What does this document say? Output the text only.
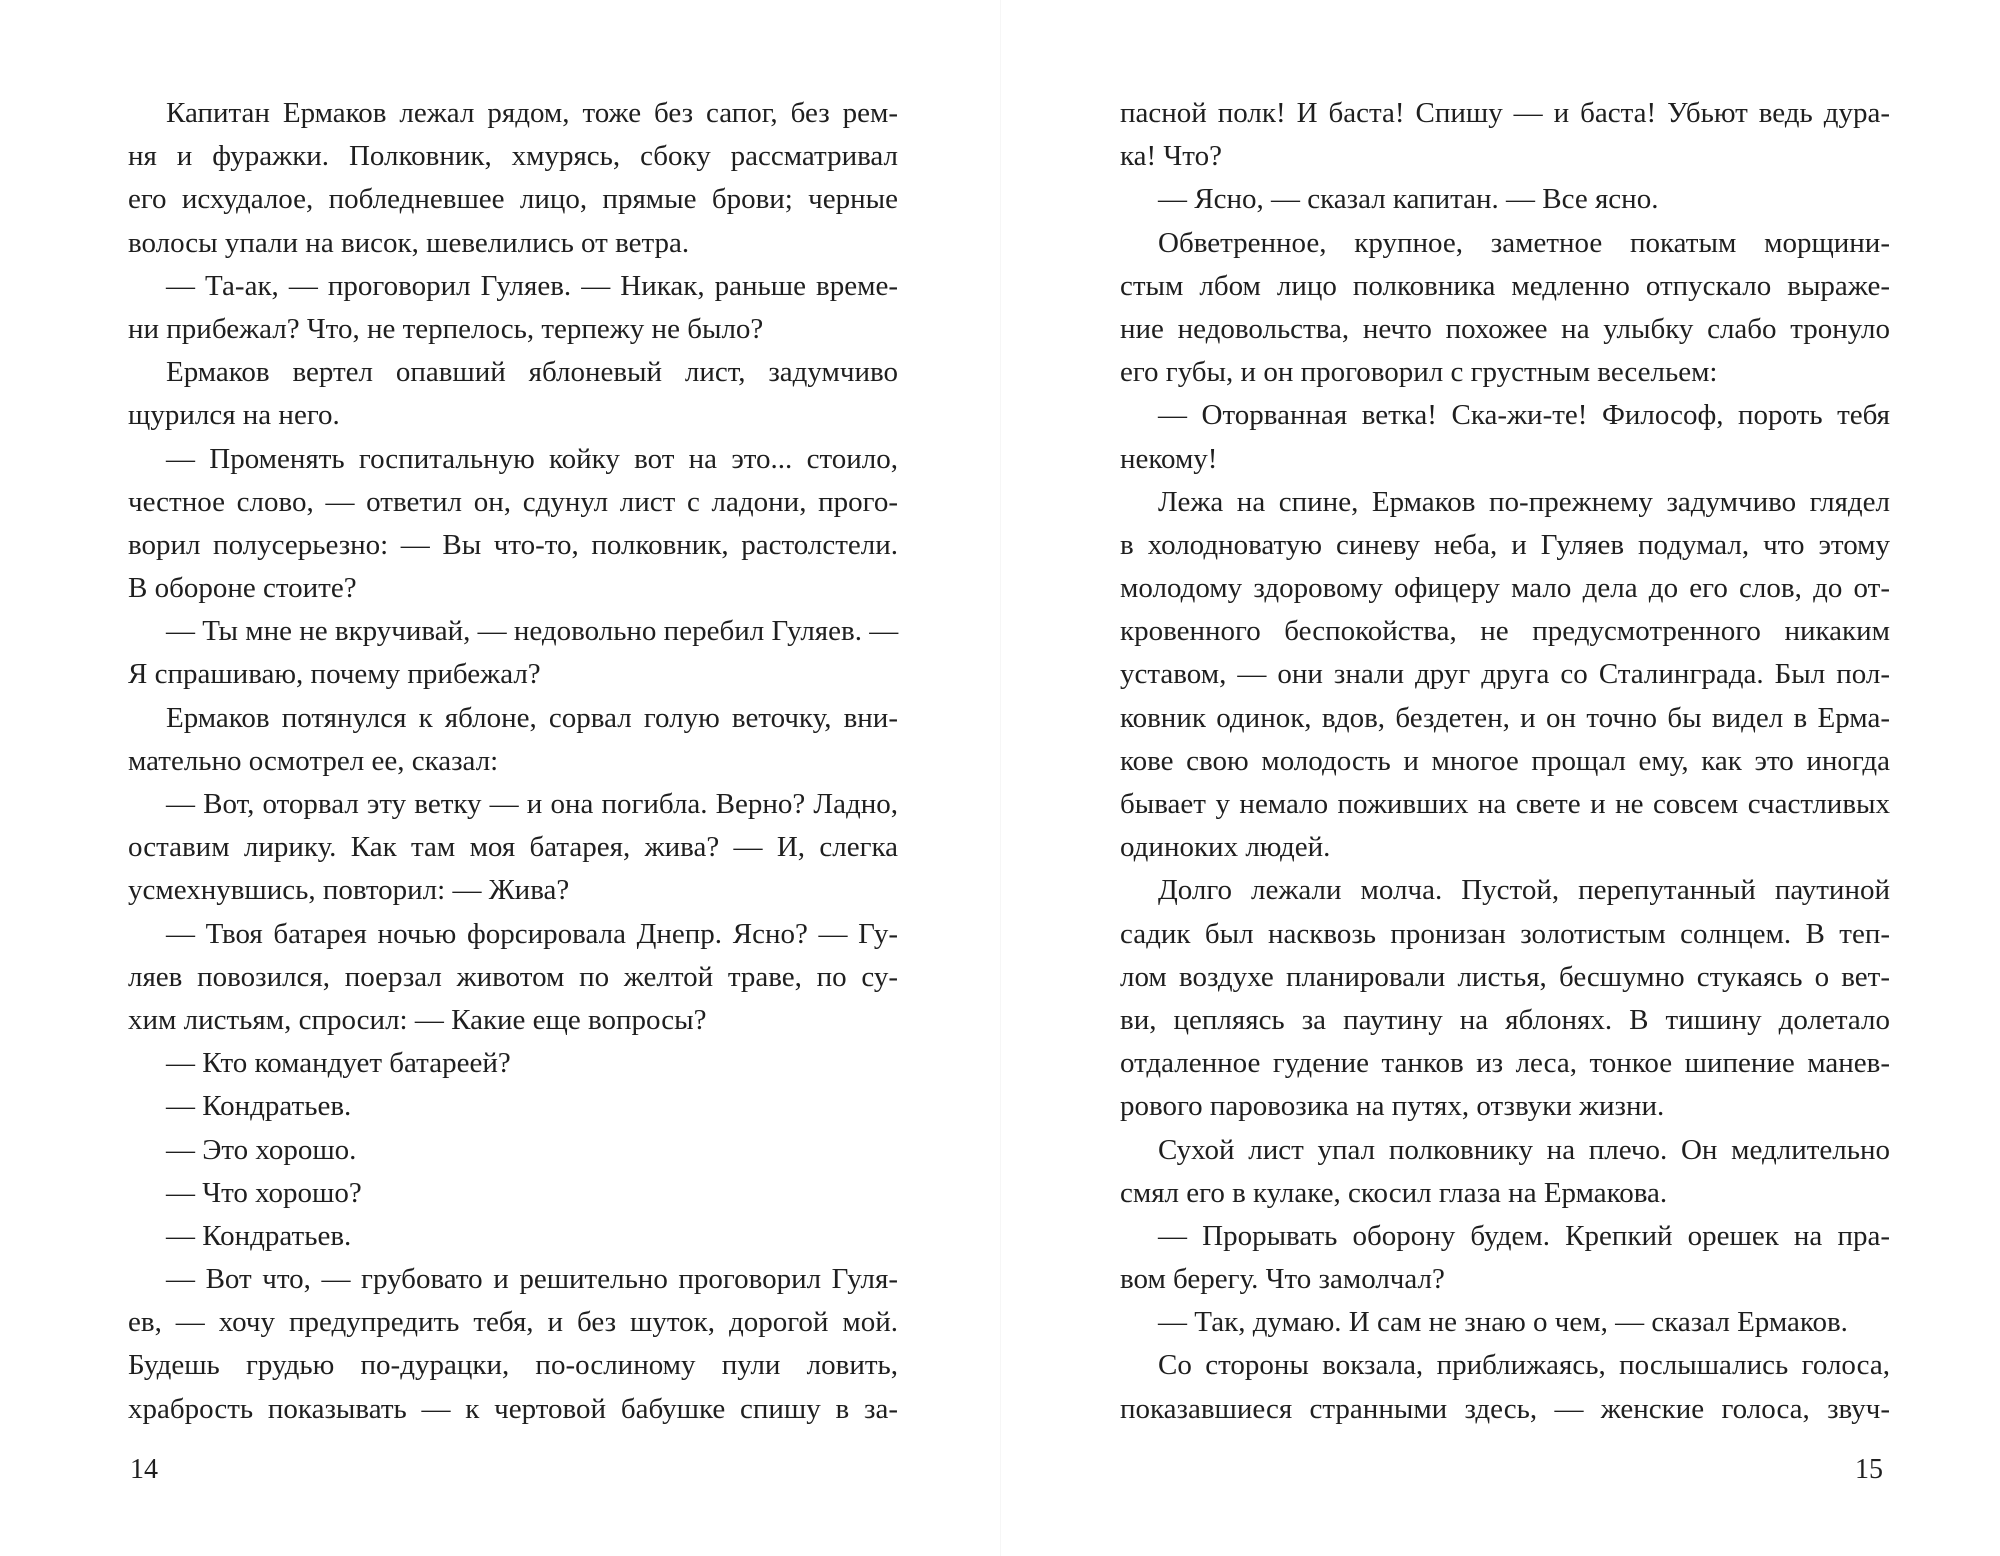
Капитан Ермаков лежал рядом, тоже без сапог, без рем-
ня и фуражки. Полковник, хмурясь, сбоку рассматривал
его исхудалое, побледневшее лицо, прямые брови; черные
волосы упали на висок, шевелились от ветра.
— Та-ак, — проговорил Гуляев. — Никак, раньше време-
ни прибежал? Что, не терпелось, терпежу не было?
Ермаков вертел опавший яблоневый лист, задумчиво
щурился на него.
— Променять госпитальную койку вот на это... стоило,
честное слово, — ответил он, сдунул лист с ладони, прого-
ворил полусерьезно: — Вы что-то, полковник, растолстели.
В обороне стоите?
— Ты мне не вкручивай, — недовольно перебил Гуляев. —
Я спрашиваю, почему прибежал?
Ермаков потянулся к яблоне, сорвал голую веточку, вни-
мательно осмотрел ее, сказал:
— Вот, оторвал эту ветку — и она погибла. Верно? Ладно,
оставим лирику. Как там моя батарея, жива? — И, слегка
усмехнувшись, повторил: — Жива?
— Твоя батарея ночью форсировала Днепр. Ясно? — Гу-
ляев повозился, поерзал животом по желтой траве, по су-
хим листьям, спросил: — Какие еще вопросы?
— Кто командует батареей?
— Кондратьев.
— Это хорошо.
— Что хорошо?
— Кондратьев.
— Вот что, — грубовато и решительно проговорил Гуля-
ев, — хочу предупредить тебя, и без шуток, дорогой мой.
Будешь грудью по-дурацки, по-ослиному пули ловить,
храбрость показывать — к чертовой бабушке спишу в за-
пасной полк! И баста! Спишу — и баста! Убьют ведь дура-
ка! Что?
— Ясно, — сказал капитан. — Все ясно.
Обветренное, крупное, заметное покатым морщини-
стым лбом лицо полковника медленно отпускало выраже-
ние недовольства, нечто похожее на улыбку слабо тронуло
его губы, и он проговорил с грустным весельем:
— Оторванная ветка! Ска-жи-те! Философ, пороть тебя
некому!
Лежа на спине, Ермаков по-прежнему задумчиво глядел
в холодноватую синеву неба, и Гуляев подумал, что этому
молодому здоровому офицеру мало дела до его слов, до от-
кровенного беспокойства, не предусмотренного никаким
уставом, — они знали друг друга со Сталинграда. Был пол-
ковник одинок, вдов, бездетен, и он точно бы видел в Ерма-
кове свою молодость и многое прощал ему, как это иногда
бывает у немало поживших на свете и не совсем счастливых
одиноких людей.
Долго лежали молча. Пустой, перепутанный паутиной
садик был насквозь пронизан золотистым солнцем. В теп-
лом воздухе планировали листья, бесшумно стукаясь о вет-
ви, цепляясь за паутину на яблонях. В тишину долетало
отдаленное гудение танков из леса, тонкое шипение манев-
рового паровозика на путях, отзвуки жизни.
Сухой лист упал полковнику на плечо. Он медлительно
смял его в кулаке, скосил глаза на Ермакова.
— Прорывать оборону будем. Крепкий орешек на пра-
вом берегу. Что замолчал?
— Так, думаю. И сам не знаю о чем, — сказал Ермаков.
Со стороны вокзала, приближаясь, послышались голоса,
показавшиеся странными здесь, — женские голоса, звуч-
14	15
